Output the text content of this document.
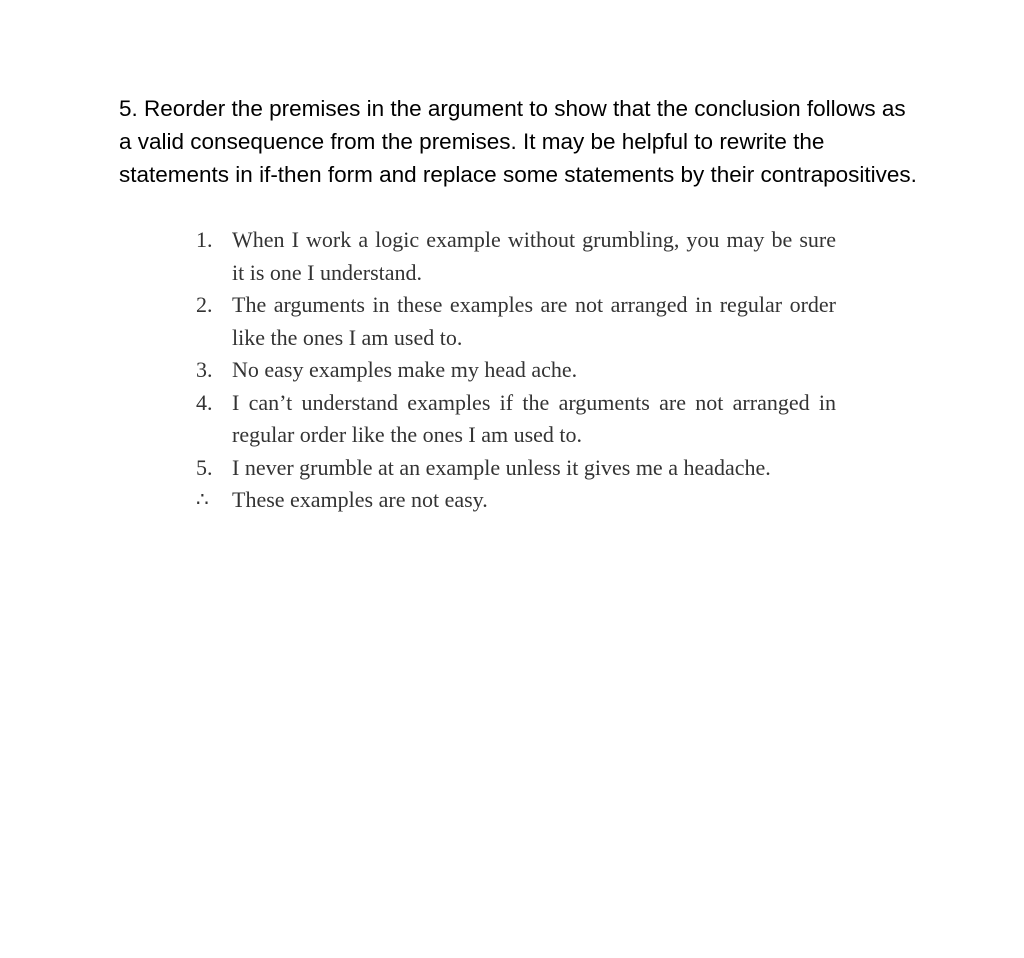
5. Reorder the premises in the argument to show that the conclusion follows as a valid consequence from the premises. It may be helpful to rewrite the statements in if-then form and replace some statements by their contrapositives.

1. When I work a logic example without grumbling, you may be sure it is one I understand.
2. The arguments in these examples are not arranged in regular order like the ones I am used to.
3. No easy examples make my head ache.
4. I can’t understand examples if the arguments are not arranged in regular order like the ones I am used to.
5. I never grumble at an example unless it gives me a headache.
∴	These examples are not easy.
